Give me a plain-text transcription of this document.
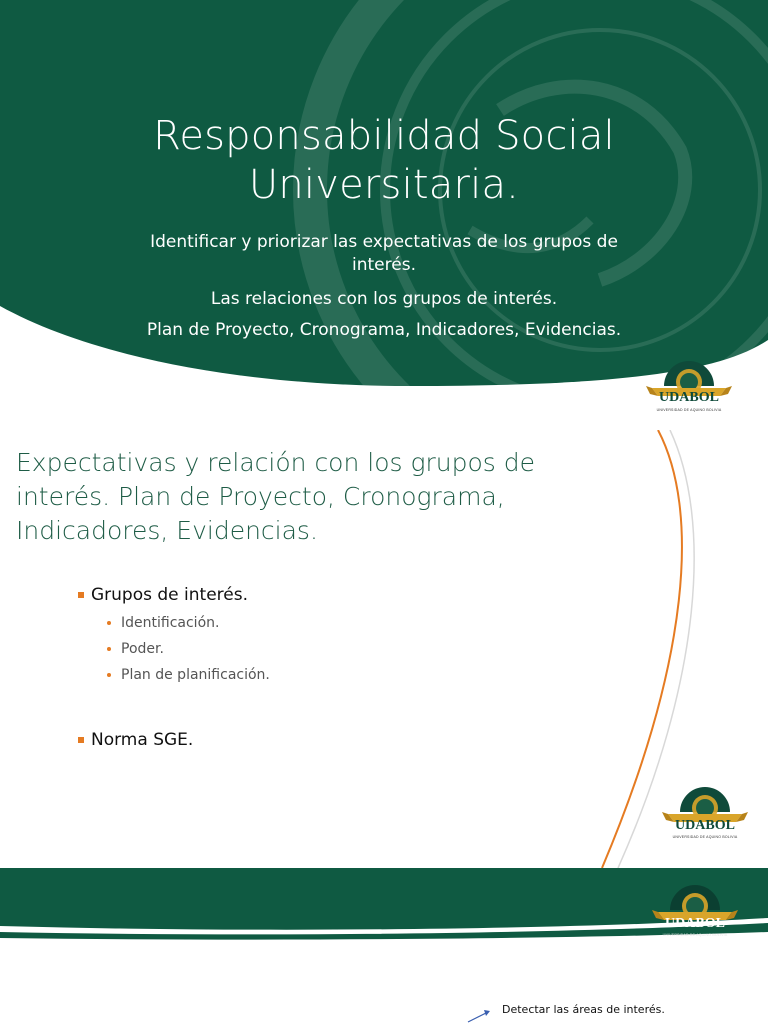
Responsabilidad Social
Universitaria.
Identificar y priorizar las expectativas de los grupos de
interés.
Las relaciones con los grupos de interés.
Plan de Proyecto, Cronograma, Indicadores, Evidencias.
UDABOL
UNIVERSIDAD DE AQUINO BOLIVIA
Expectativas y relación con los grupos de
interés. Plan de Proyecto, Cronograma,
Indicadores, Evidencias.
Grupos de interés.
Identificación.
Poder.
Plan de planificación.
Norma SGE.
UDABOL
UNIVERSIDAD DE AQUINO BOLIVIA
UDABOL
UNIVERSIDAD DE AQUINO BOLIVIA
Detectar las áreas de interés.
